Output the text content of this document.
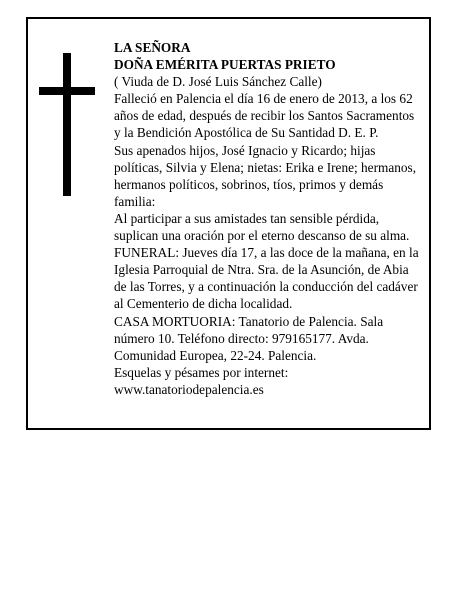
LA SEÑORA

DOÑA EMÉRITA PUERTAS PRIETO

( Viuda de D. José Luis Sánchez Calle)

Falleció en Palencia el día 16 de enero de 2013, a los 62 años de edad, después de recibir los Santos Sacramentos y la Bendición Apostólica de Su Santidad D. E. P.

Sus apenados hijos, José Ignacio y Ricardo; hijas políticas, Silvia y Elena; nietas: Erika e Irene; hermanos, hermanos políticos, sobrinos, tíos, primos y demás familia:

Al participar a sus amistades tan sensible pérdida, suplican una oración por el eterno descanso de su alma.

FUNERAL: Jueves día 17, a las doce de la mañana, en la Iglesia Parroquial de Ntra. Sra. de la Asunción, de Abia de las Torres, y a continuación la conducción del cadáver al Cementerio de dicha localidad.

CASA MORTUORIA: Tanatorio de Palencia. Sala número 10. Teléfono directo: 979165177. Avda. Comunidad Europea, 22-24. Palencia.

Esquelas y pésames por internet: www.tanatoriodepalencia.es
